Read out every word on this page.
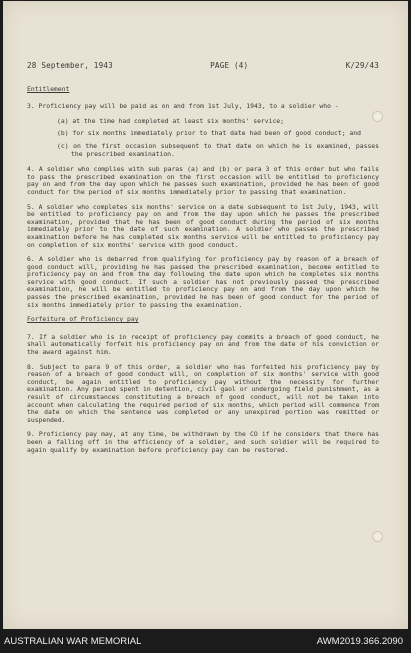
28 September, 1943	PAGE (4)	K/29/43
Entitlement

3. Proficiency pay will be paid as on and from 1st July, 1943, to a soldier who -

(a) at the time had completed at least six months' service;

(b) for six months immediately prior to that date had been of good conduct; and

(c) on the first occasion subsequent to that date on which he is examined, passes the prescribed examination.

4. A soldier who complies with sub paras (a) and (b) or para 3 of this order but who fails to pass the prescribed examination on the first occasion will be entitled to proficiency pay on and from the day upon which he passes such examination, provided he has been of good conduct for the period of six months immediately prior to passing that examination.

5. A soldier who completes six months' service on a date subsequent to 1st July, 1943, will be entitled to proficiency pay on and from the day upon which he passes the prescribed examination, provided that he has been of good conduct during the period of six months immediately prior to the date of such examination. A soldier who passes the prescribed examination before he has completed six months service will be entitled to proficiency pay on completion of six months' service with good conduct.

6. A soldier who is debarred from qualifying for proficiency pay by reason of a breach of good conduct will, providing he has passed the prescribed examination, become entitled to proficiency pay on and from the day following the date upon which he completes six months service with good conduct. If such a soldier has not previously passed the prescribed examination, he will be entitled to proficiency pay on and from the day upon which he passes the prescribed examination, provided he has been of good conduct for the period of six months immediately prior to passing the examination.

Forfeiture of Proficiency pay

7. If a soldier who is in receipt of proficiency pay commits a breach of good conduct, he shall automatically forfeit his proficiency pay on and from the date of his conviction or the award against him.

8. Subject to para 9 of this order, a soldier who has forfeited his proficiency pay by reason of a breach of good conduct will, on completion of six months' service with good conduct, be again entitled to proficiency pay without the necessity for further examination. Any period spent in detention, civil gaol or undergoing field punishment, as a result of circumstances constituting a breach of good conduct, will not be taken into account when calculating the required period of six months, which period will commence from the date on which the sentence was completed or any unexpired portion was remitted or suspended.

9. Proficiency pay may, at any time, be withdrawn by the CO if he considers that there has been a falling off in the efficiency of a soldier, and such soldier will be required to again qualify by examination before proficiency pay can be restored.

AUSTRALIAN WAR MEMORIAL	AWM2019.366.2090
